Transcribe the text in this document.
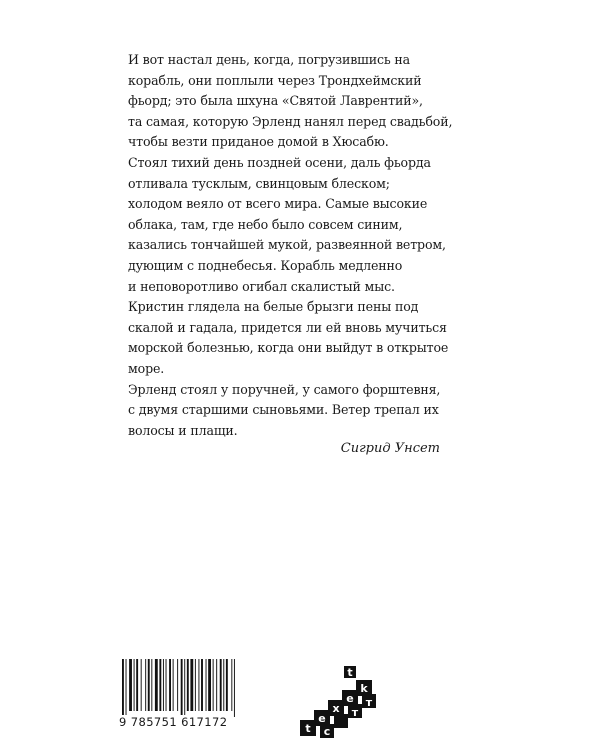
И вот настал день, когда, погрузившись на
корабль, они поплыли через Трондхеймский
фьорд; это была шхуна «Святой Лаврентий»,
та самая, которую Эрленд нанял перед свадьбой,
чтобы везти приданое домой в Хюсабю.
Стоял тихий день поздней осени, даль фьорда
отливала тусклым, свинцовым блеском;
холодом веяло от всего мира. Самые высокие
облака, там, где небо было совсем синим,
казались тончайшей мукой, развеянной ветром,
дующим с поднебесья. Корабль медленно
и неповоротливо огибал скалистый мыс.
Кристин глядела на белые брызги пены под
скалой и гадала, придется ли ей вновь мучиться
морской болезнью, когда они выйдут в открытое
море.
Эрленд стоял у поручней, у самого форштевня,
с двумя старшими сыновьями. Ветер трепал их
волосы и плащи.
Сигрид Унсет
9 785751 617172	t
e
x
t
e
k
c
т
т
